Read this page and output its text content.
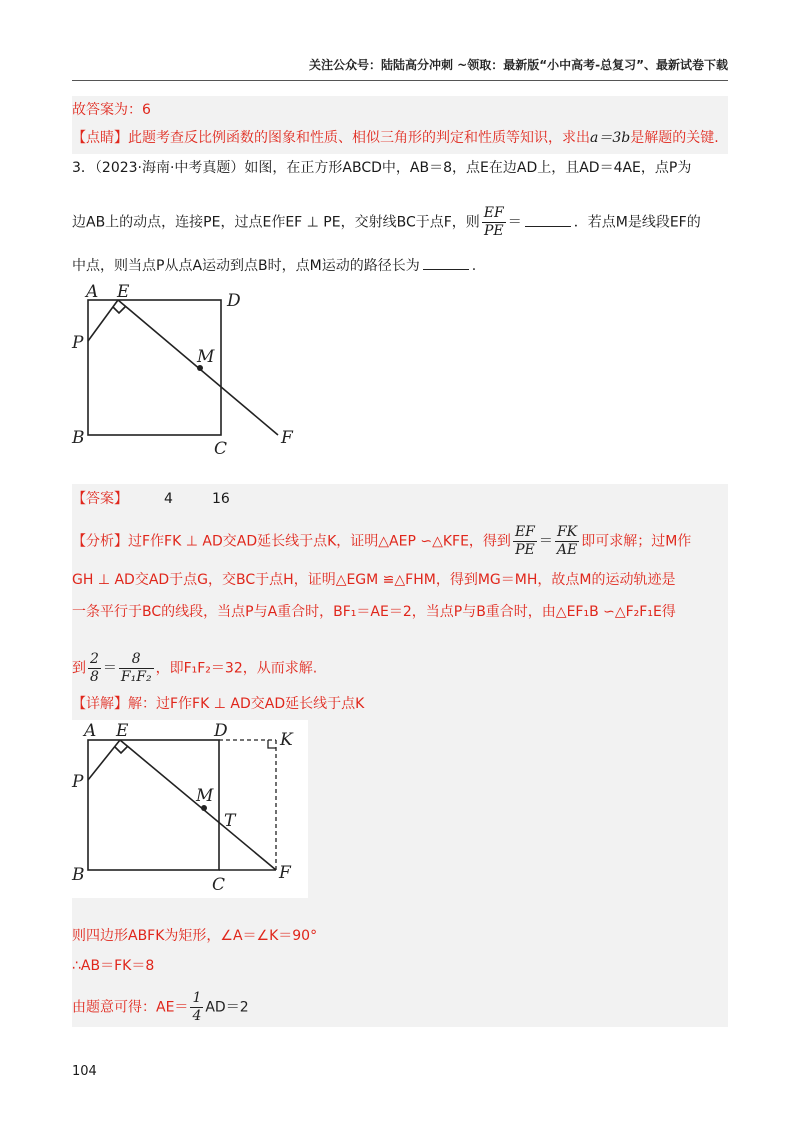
关注公众号：陆陆高分冲刺 ~领取：最新版“小中高考-总复习”、最新试卷下载
故答案为：6
【点睛】此题考查反比例函数的图象和性质、相似三角形的判定和性质等知识，求出a＝3b是解题的关键.
3．（2023·海南·中考真题）如图，在正方形ABCD中，AB＝8，点E在边AD上，且AD＝4AE，点P为
边AB上的动点，连接PE，过点E作EF ⊥ PE，交射线BC于点F，则 $\frac{EF}{PE}$ ＝	．若点M是线段EF的
中点，则当点P从点A运动到点B时，点M运动的路径长为	.
A E	D
P
M
B
C
F
【答案】	4	16
【分析】过F作FK ⊥ AD交AD延长线于点K，证明△AEP ∽△KFE，得到 $\frac{EF}{PE} = \frac{FK}{AE}$ 即可求解；过M作
GH ⊥ AD交AD于点G，交BC于点H，证明△EGM ≌△FHM，得到MG＝MH，故点M的运动轨迹是
一条平行于BC的线段，当点P与A重合时，BF₁＝AE＝2，当点P与B重合时，由△EF₁B ∽△F₂F₁E得
到 $\frac{2}{8} = \frac{8}{\text{F₁F₂}}$ ，即F₁F₂＝32，从而求解.
【详解】解：过F作FK ⊥ AD交AD延长线于点K
A E	D	K
P
M
T
B	C
F
则四边形ABFK为矩形，∠A＝∠K＝90°
∴AB＝FK＝8
由题意可得：$AE= \frac{1}{4} AD=2$
104
